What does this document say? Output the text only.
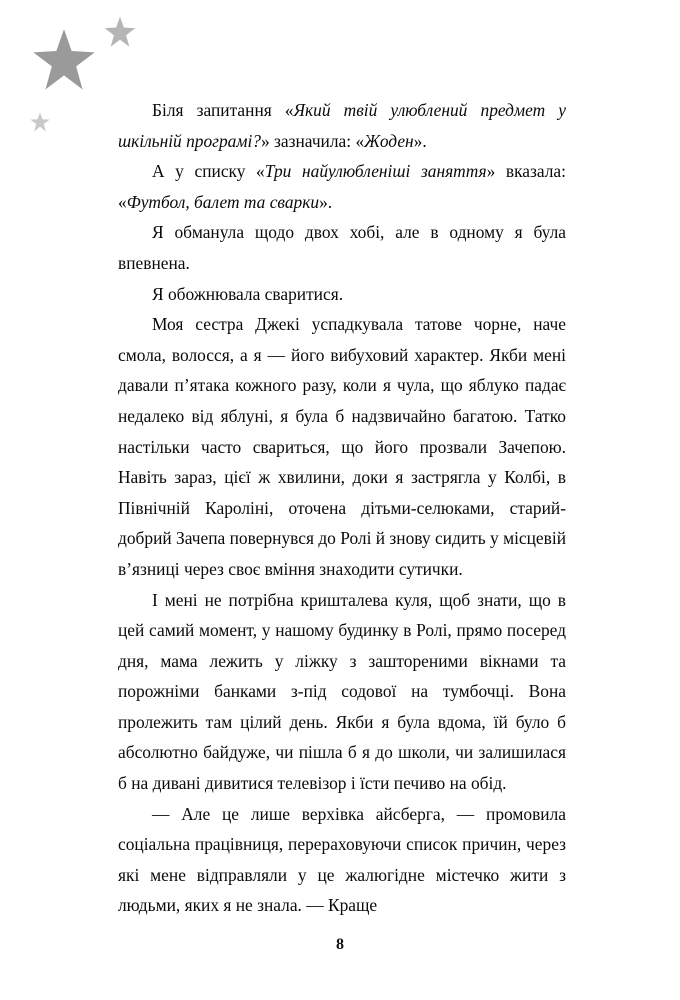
Біля запитання «Який твій улюблений предмет у шкільній програмі?» зазначила: «Жоден».

А у списку «Три найулюбленіші заняття» вказала: «Футбол, балет та сварки».

Я обманула щодо двох хобі, але в одному я була впевнена.

Я обожнювала сваритися.

Моя сестра Джекі успадкувала татове чорне, наче смола, волосся, а я — його вибуховий характер. Якби мені давали п’ятака кожного разу, коли я чула, що яблуко падає недалеко від яблуні, я була б надзвичайно багатою. Татко настільки часто свариться, що його прозвали Зачепою. Навіть зараз, цієї ж хвилини, доки я застрягла у Колбі, в Північній Кароліні, оточена дітьми-селюками, старий-добрий Зачепа повернувся до Ролі й знову сидить у місцевій в’язниці через своє вміння знаходити сутички.

І мені не потрібна кришталева куля, щоб знати, що в цей самий момент, у нашому будинку в Ролі, прямо посеред дня, мама лежить у ліжку з заштореними вікнами та порожніми банками з-під содової на тумбочці. Вона пролежить там цілий день. Якби я була вдома, їй було б абсолютно байдуже, чи пішла б я до школи, чи залишилася б на дивані дивитися телевізор і їсти печиво на обід.

— Але це лише верхівка айсберга, — промовила соціальна працівниця, перераховуючи список причин, через які мене відправляли у це жалюгідне містечко жити з людьми, яких я не знала. — Краще

8
